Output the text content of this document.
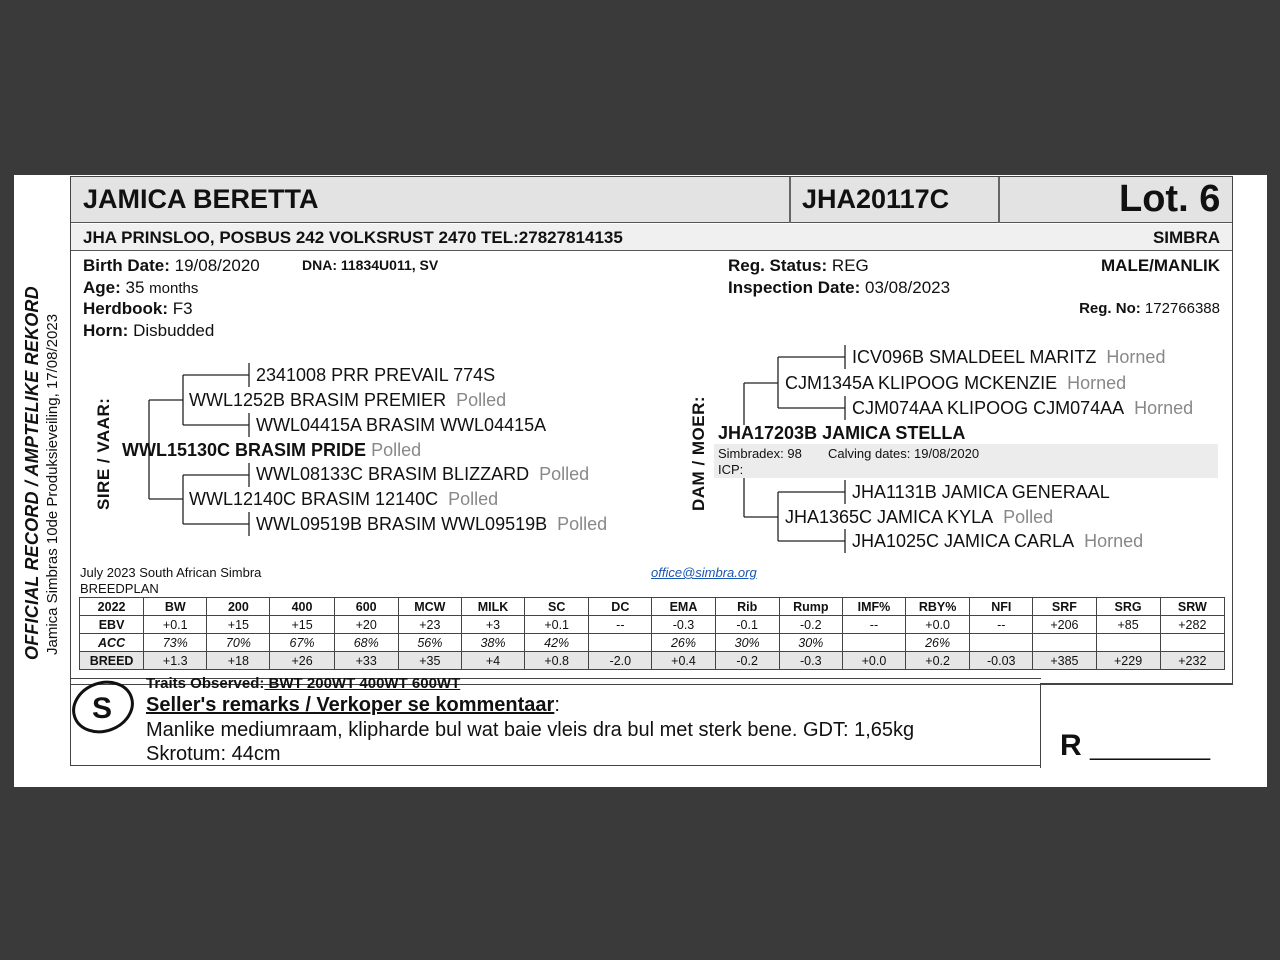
OFFICIAL RECORD / AMPTELIKE REKORD Jamica Simbras 10de Produksieveiling, 17/08/2023
JAMICA BERETTA	JHA20117C	Lot. 6
JHA PRINSLOO, POSBUS 242 VOLKSRUST 2470 TEL:27827814135	SIMBRA
Birth Date: 19/08/2020	DNA: 11834U011, SV
Age: 35 months
Herdbook: F3
Horn: Disbudded
Reg. Status: REG
Inspection Date: 03/08/2023
MALE/MANLIK
Reg. No: 172766388
SIRE / VAAR:
2341008 PRR PREVAIL 774S
WWL1252B BRASIM PREMIER Polled
WWL04415A BRASIM WWL04415A
WWL15130C BRASIM PRIDE Polled
WWL08133C BRASIM BLIZZARD Polled
WWL12140C BRASIM 12140C Polled
WWL09519B BRASIM WWL09519B Polled
DAM / MOER:
ICV096B SMALDEEL MARITZ Horned
CJM1345A KLIPOOG MCKENZIE Horned
CJM074AA KLIPOOG CJM074AA Horned
JHA17203B JAMICA STELLA
Simbradex: 98 Calving dates: 19/08/2020
ICP:
JHA1131B JAMICA GENERAAL
JHA1365C JAMICA KYLA Polled
JHA1025C JAMICA CARLA Horned
July 2023 South African Simbra
BREEDPLAN
office@simbra.org
2022	BW	200	400	600	MCW	MILK	SC	DC	EMA	Rib	Rump	IMF%	RBY%	NFI	SRF	SRG	SRW
EBV	+0.1	+15	+15	+20	+23	+3	+0.1	--	-0.3	-0.1	-0.2	--	+0.0	--	+206	+85	+282
ACC	73%	70%	67%	68%	56%	38%	42%		26%	30%	30%		26%				
BREED	+1.3	+18	+26	+33	+35	+4	+0.8	-2.0	+0.4	-0.2	-0.3	+0.0	+0.2	-0.03	+385	+229	+232
S
Traits Observed: BWT 200WT 400WT 600WT
Seller's remarks / Verkoper se kommentaar:
Manlike mediumraam, klipharde bul wat baie vleis dra bul met sterk bene. GDT: 1,65kg
Skrotum: 44cm	R _________
